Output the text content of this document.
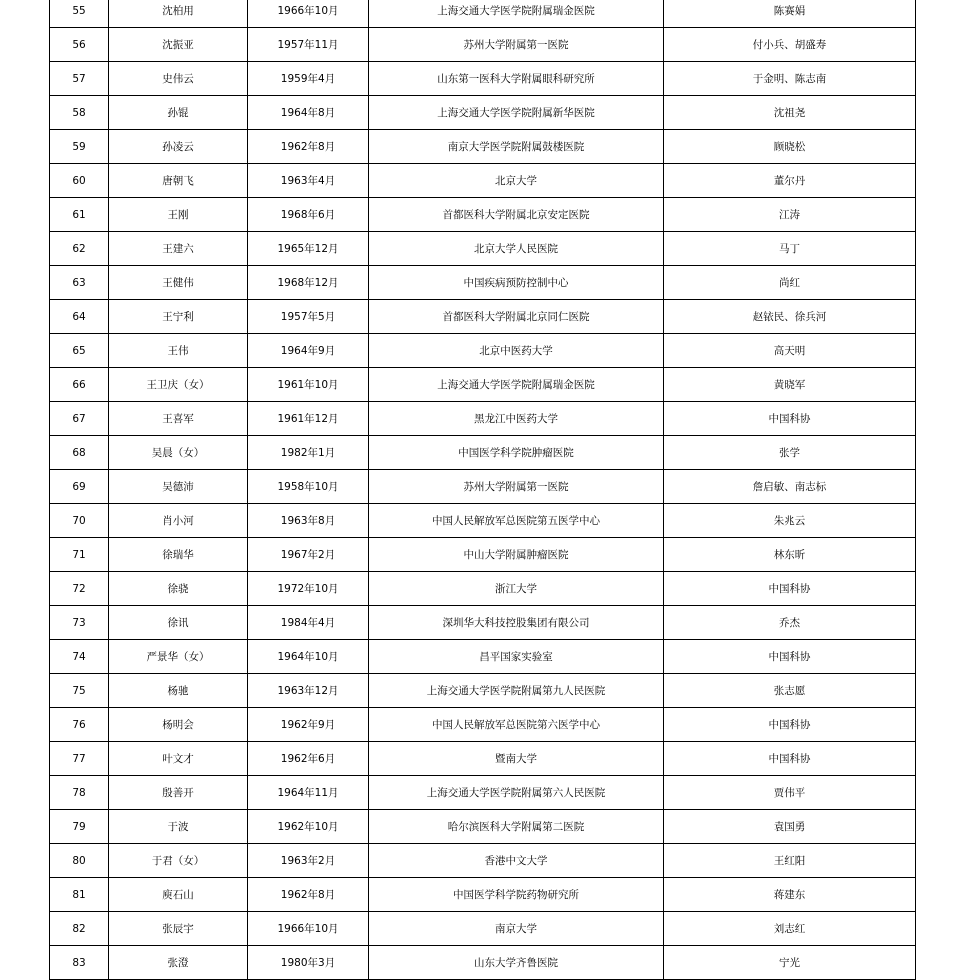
55	沈柏用	1966年10月	上海交通大学医学院附属瑞金医院	陈赛娟
56	沈振亚	1957年11月	苏州大学附属第一医院	付小兵、胡盛寿
57	史伟云	1959年4月	山东第一医科大学附属眼科研究所	于金明、陈志南
58	孙锟	1964年8月	上海交通大学医学院附属新华医院	沈祖尧
59	孙凌云	1962年8月	南京大学医学院附属鼓楼医院	顾晓松
60	唐朝飞	1963年4月	北京大学	董尔丹
61	王刚	1968年6月	首都医科大学附属北京安定医院	江涛
62	王建六	1965年12月	北京大学人民医院	马丁
63	王健伟	1968年12月	中国疾病预防控制中心	尚红
64	王宁利	1957年5月	首都医科大学附属北京同仁医院	赵铱民、徐兵河
65	王伟	1964年9月	北京中医药大学	高天明
66	王卫庆（女）	1961年10月	上海交通大学医学院附属瑞金医院	黄晓军
67	王喜军	1961年12月	黑龙江中医药大学	中国科协
68	吴晨（女）	1982年1月	中国医学科学院肿瘤医院	张学
69	吴德沛	1958年10月	苏州大学附属第一医院	詹启敏、南志标
70	肖小河	1963年8月	中国人民解放军总医院第五医学中心	朱兆云
71	徐瑞华	1967年2月	中山大学附属肿瘤医院	林东昕
72	徐骁	1972年10月	浙江大学	中国科协
73	徐讯	1984年4月	深圳华大科技控股集团有限公司	乔杰
74	严景华（女）	1964年10月	昌平国家实验室	中国科协
75	杨驰	1963年12月	上海交通大学医学院附属第九人民医院	张志愿
76	杨明会	1962年9月	中国人民解放军总医院第六医学中心	中国科协
77	叶文才	1962年6月	暨南大学	中国科协
78	殷善开	1964年11月	上海交通大学医学院附属第六人民医院	贾伟平
79	于波	1962年10月	哈尔滨医科大学附属第二医院	袁国勇
80	于君（女）	1963年2月	香港中文大学	王红阳
81	庾石山	1962年8月	中国医学科学院药物研究所	蒋建东
82	张辰宇	1966年10月	南京大学	刘志红
83	张澄	1980年3月	山东大学齐鲁医院	宁光
